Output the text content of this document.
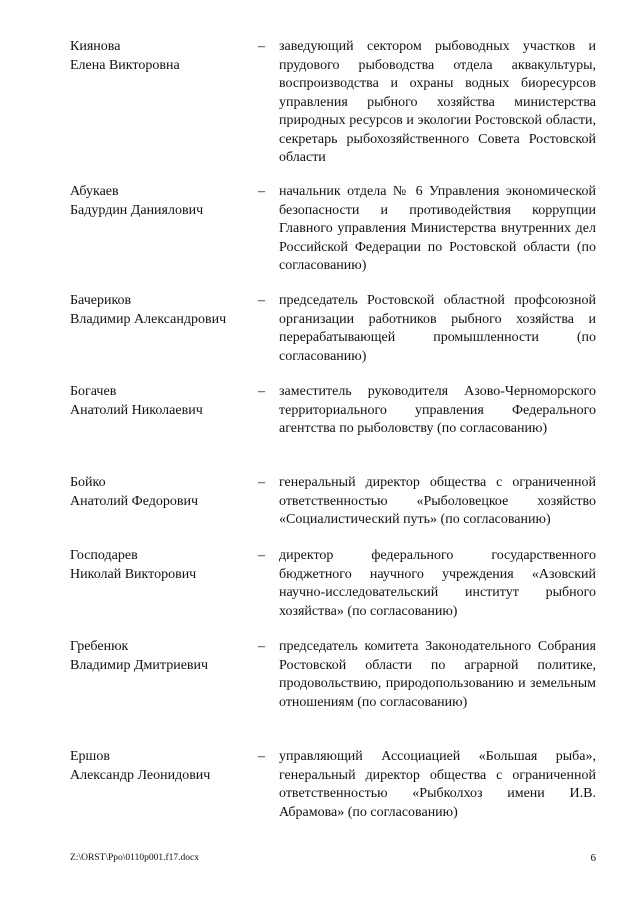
Киянова
Елена Викторовна
– заведующий сектором рыбоводных участков и прудового рыбоводства отдела аквакультуры, воспроизводства и охраны водных биоресурсов управления рыбного хозяйства министерства природных ресурсов и экологии Ростовской области, секретарь рыбохозяйственного Совета Ростовской области
Абукаев
Бадурдин Даниялович
– начальник отдела № 6 Управления экономической безопасности и противодействия коррупции Главного управления Министерства внутренних дел Российской Федерации по Ростовской области (по согласованию)
Бачериков
Владимир Александрович
– председатель Ростовской областной профсоюзной организации работников рыбного хозяйства и перерабатывающей промышленности (по согласованию)
Богачев
Анатолий Николаевич
– заместитель руководителя Азово-Черноморского территориального управления Федерального агентства по рыболовству (по согласованию)
Бойко
Анатолий Федорович
– генеральный директор общества с ограниченной ответственностью «Рыболовецкое хозяйство «Социалистический путь» (по согласованию)
Господарев
Николай Викторович
– директор федерального государственного бюджетного научного учреждения «Азовский научно-исследовательский институт рыбного хозяйства» (по согласованию)
Гребенюк
Владимир Дмитриевич
– председатель комитета Законодательного Собрания Ростовской области по аграрной политике, продовольствию, природопользованию и земельным отношениям (по согласованию)
Ершов
Александр Леонидович
– управляющий Ассоциацией «Большая рыба», генеральный директор общества с ограниченной ответственностью «Рыбколхоз имени И.В. Абрамова» (по согласованию)
Z:\ORST\Ppo\0110p001.f17.docx	6
